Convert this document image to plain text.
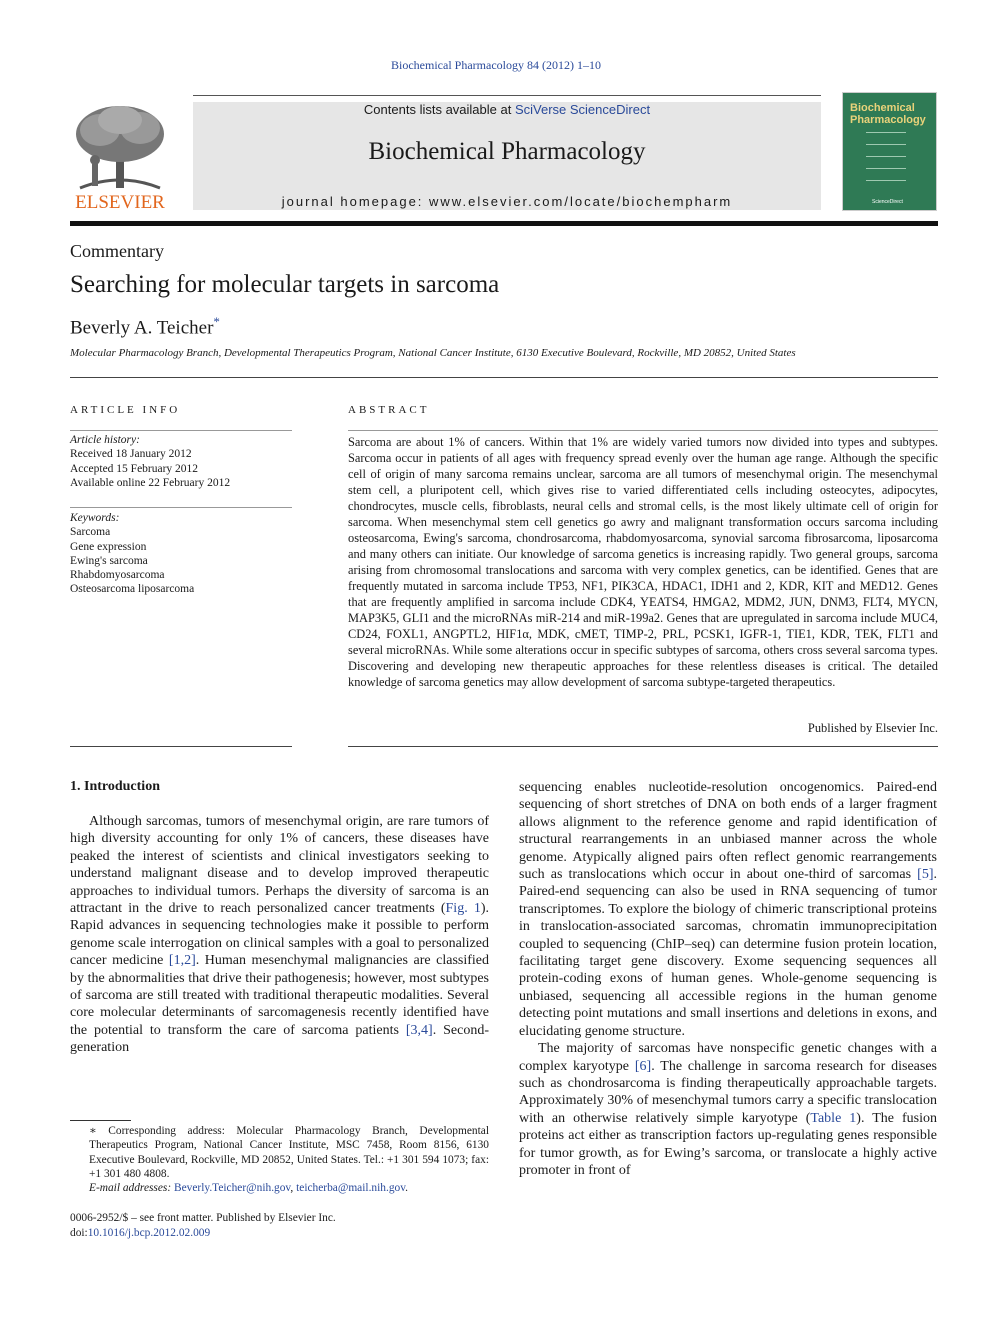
Biochemical Pharmacology 84 (2012) 1–10
ELSEVIER
Contents lists available at SciVerse ScienceDirect
Biochemical Pharmacology
journal homepage: www.elsevier.com/locate/biochempharm
Biochemical Pharmacology
ScienceDirect
Commentary
Searching for molecular targets in sarcoma
Beverly A. Teicher*
Molecular Pharmacology Branch, Developmental Therapeutics Program, National Cancer Institute, 6130 Executive Boulevard, Rockville, MD 20852, United States
ARTICLE INFO
Article history:
Received 18 January 2012
Accepted 15 February 2012
Available online 22 February 2012
Keywords:
Sarcoma
Gene expression
Ewing's sarcoma
Rhabdomyosarcoma
Osteosarcoma liposarcoma
ABSTRACT
Sarcoma are about 1% of cancers. Within that 1% are widely varied tumors now divided into types and subtypes. Sarcoma occur in patients of all ages with frequency spread evenly over the human age range. Although the specific cell of origin of many sarcoma remains unclear, sarcoma are all tumors of mesenchymal origin. The mesenchymal stem cell, a pluripotent cell, which gives rise to varied differentiated cells including osteocytes, adipocytes, chondrocytes, muscle cells, fibroblasts, neural cells and stromal cells, is the most likely ultimate cell of origin for sarcoma. When mesenchymal stem cell genetics go awry and malignant transformation occurs sarcoma including osteosarcoma, Ewing's sarcoma, chondrosarcoma, rhabdomyosarcoma, synovial sarcoma fibrosarcoma, liposarcoma and many others can initiate. Our knowledge of sarcoma genetics is increasing rapidly. Two general groups, sarcoma arising from chromosomal translocations and sarcoma with very complex genetics, can be identified. Genes that are frequently mutated in sarcoma include TP53, NF1, PIK3CA, HDAC1, IDH1 and 2, KDR, KIT and MED12. Genes that are frequently amplified in sarcoma include CDK4, YEATS4, HMGA2, MDM2, JUN, DNM3, FLT4, MYCN, MAP3K5, GLI1 and the microRNAs miR-214 and miR-199a2. Genes that are upregulated in sarcoma include MUC4, CD24, FOXL1, ANGPTL2, HIF1α, MDK, cMET, TIMP-2, PRL, PCSK1, IGFR-1, TIE1, KDR, TEK, FLT1 and several microRNAs. While some alterations occur in specific subtypes of sarcoma, others cross several sarcoma types. Discovering and developing new therapeutic approaches for these relentless diseases is critical. The detailed knowledge of sarcoma genetics may allow development of sarcoma subtype-targeted therapeutics.
Published by Elsevier Inc.
1. Introduction

Although sarcomas, tumors of mesenchymal origin, are rare tumors of high diversity accounting for only 1% of cancers, these diseases have peaked the interest of scientists and clinical investigators seeking to understand malignant disease and to develop improved therapeutic approaches to individual tumors. Perhaps the diversity of sarcoma is an attractant in the drive to reach personalized cancer treatments (Fig. 1). Rapid advances in sequencing technologies make it possible to perform genome scale interrogation on clinical samples with a goal to personalized cancer medicine [1,2]. Human mesenchymal malignancies are classified by the abnormalities that drive their pathogenesis; however, most subtypes of sarcoma are still treated with traditional therapeutic modalities. Several core molecular determinants of sarcomagenesis recently identified have the potential to transform the care of sarcoma patients [3,4]. Second-generation

sequencing enables nucleotide-resolution oncogenomics. Paired-end sequencing of short stretches of DNA on both ends of a larger fragment allows alignment to the reference genome and rapid identification of structural rearrangements in an unbiased manner across the whole genome. Atypically aligned pairs often reflect genomic rearrangements such as translocations which occur in about one-third of sarcomas [5]. Paired-end sequencing can also be used in RNA sequencing of tumor transcriptomes. To explore the biology of chimeric transcriptional proteins in translocation-associated sarcomas, chromatin immunoprecipitation coupled to sequencing (ChIP–seq) can determine fusion protein location, facilitating target gene discovery. Exome sequencing sequences all protein-coding exons of human genes. Whole-genome sequencing is unbiased, sequencing all accessible regions in the human genome detecting point mutations and small insertions and deletions in exons, and elucidating genome structure.

The majority of sarcomas have nonspecific genetic changes with a complex karyotype [6]. The challenge in sarcoma research for diseases such as chondrosarcoma is finding therapeutically approachable targets. Approximately 30% of mesenchymal tumors carry a specific translocation with an otherwise relatively simple karyotype (Table 1). The fusion proteins act either as transcription factors up-regulating genes responsible for tumor growth, as for Ewing’s sarcoma, or translocate a highly active promoter in front of

∗ Corresponding address: Molecular Pharmacology Branch, Developmental Therapeutics Program, National Cancer Institute, MSC 7458, Room 8156, 6130 Executive Boulevard, Rockville, MD 20852, United States. Tel.: +1 301 594 1073; fax: +1 301 480 4808.
E-mail addresses: Beverly.Teicher@nih.gov, teicherba@mail.nih.gov.
0006-2952/$ – see front matter. Published by Elsevier Inc.
doi:10.1016/j.bcp.2012.02.009
